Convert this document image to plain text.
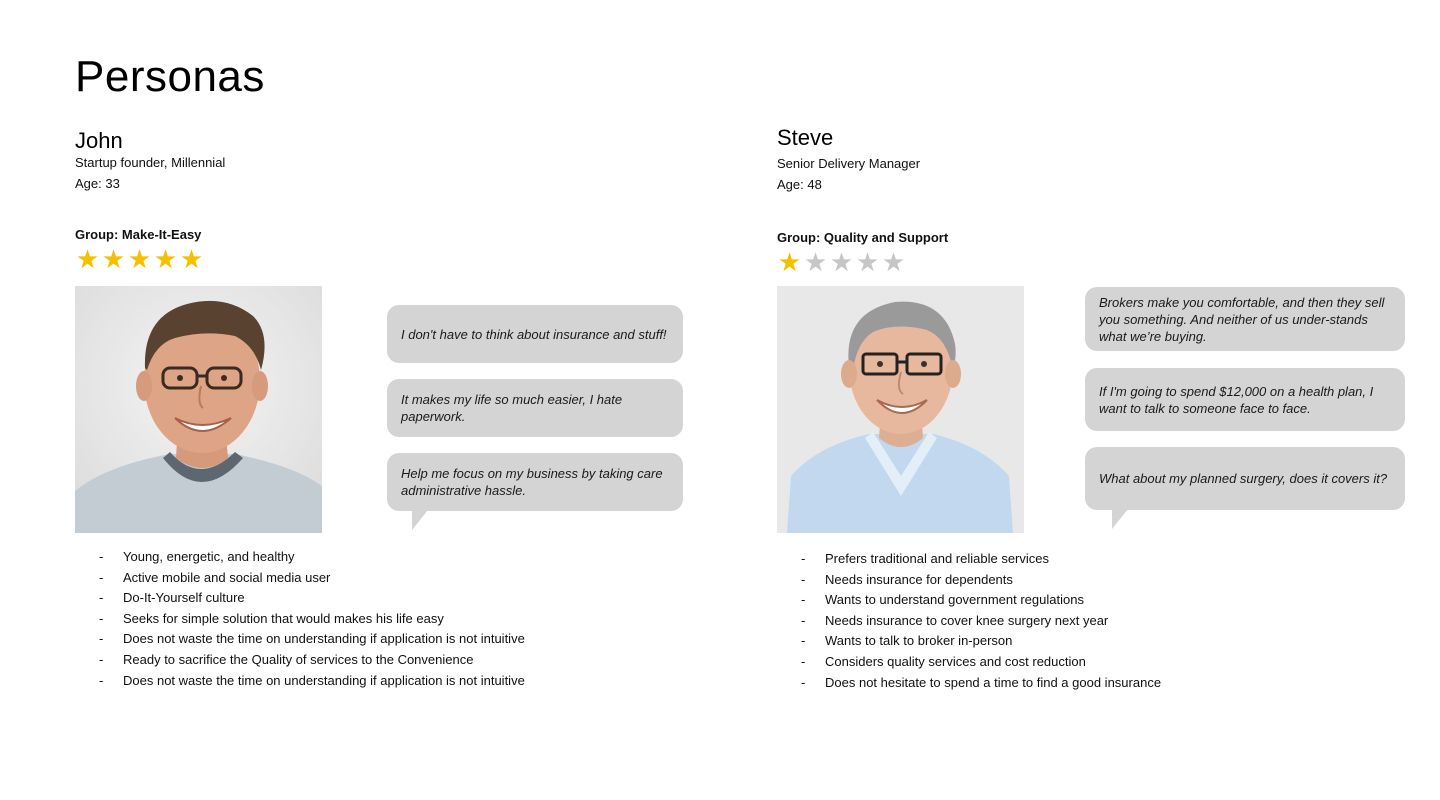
Personas
John

Startup founder, Millennial

Age: 33

Group: Make-It-Easy

★ ★ ★ ★ ★
I don't have to think about insurance and stuff!
It makes my life so much easier, I hate paperwork.
Help me focus on my business by taking care administrative hassle.
- Young, energetic, and healthy
- Active mobile and social media user
- Do-It-Yourself culture
- Seeks for simple solution that would makes his life easy
- Does not waste the time on understanding if application is not intuitive
- Ready to sacrifice the Quality of services to the Convenience
- Does not waste the time on understanding if application is not intuitive
Steve

Senior Delivery Manager

Age: 48

Group: Quality and Support

★ ★ ★ ★ ★
Brokers make you comfortable, and then they sell you something. And neither of us under-stands what we’re buying.
If I'm going to spend $12,000 on a health plan, I want to talk to someone face to face.
What about my planned surgery, does it covers it?
- Prefers traditional and reliable services
- Needs insurance for dependents
- Wants to understand government regulations
- Needs insurance to cover knee surgery next year
- Wants to talk to broker in-person
- Considers quality services and cost reduction
- Does not hesitate to spend a time to find a good insurance
